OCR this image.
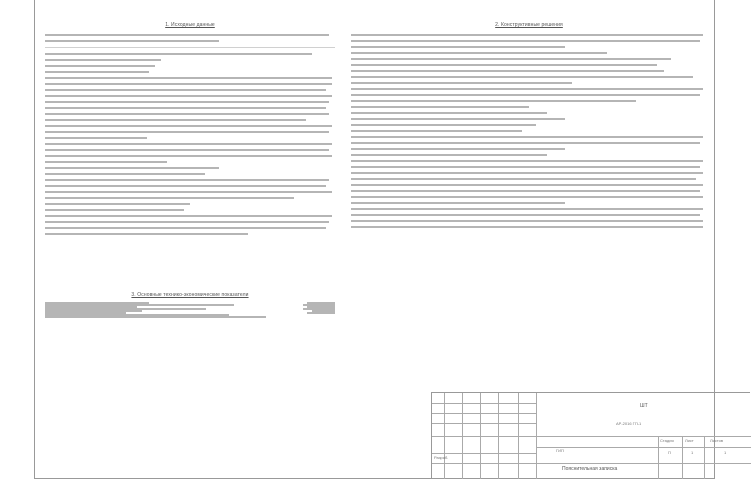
1. Исходные данные	2. Конструктивные решения
3. Основные технико-экономические показатели
ШТ
АР-2016 ГП-1
ГИП
Стадия	Лист	Листов
П	1	1
Пояснительная записка
Разраб.
